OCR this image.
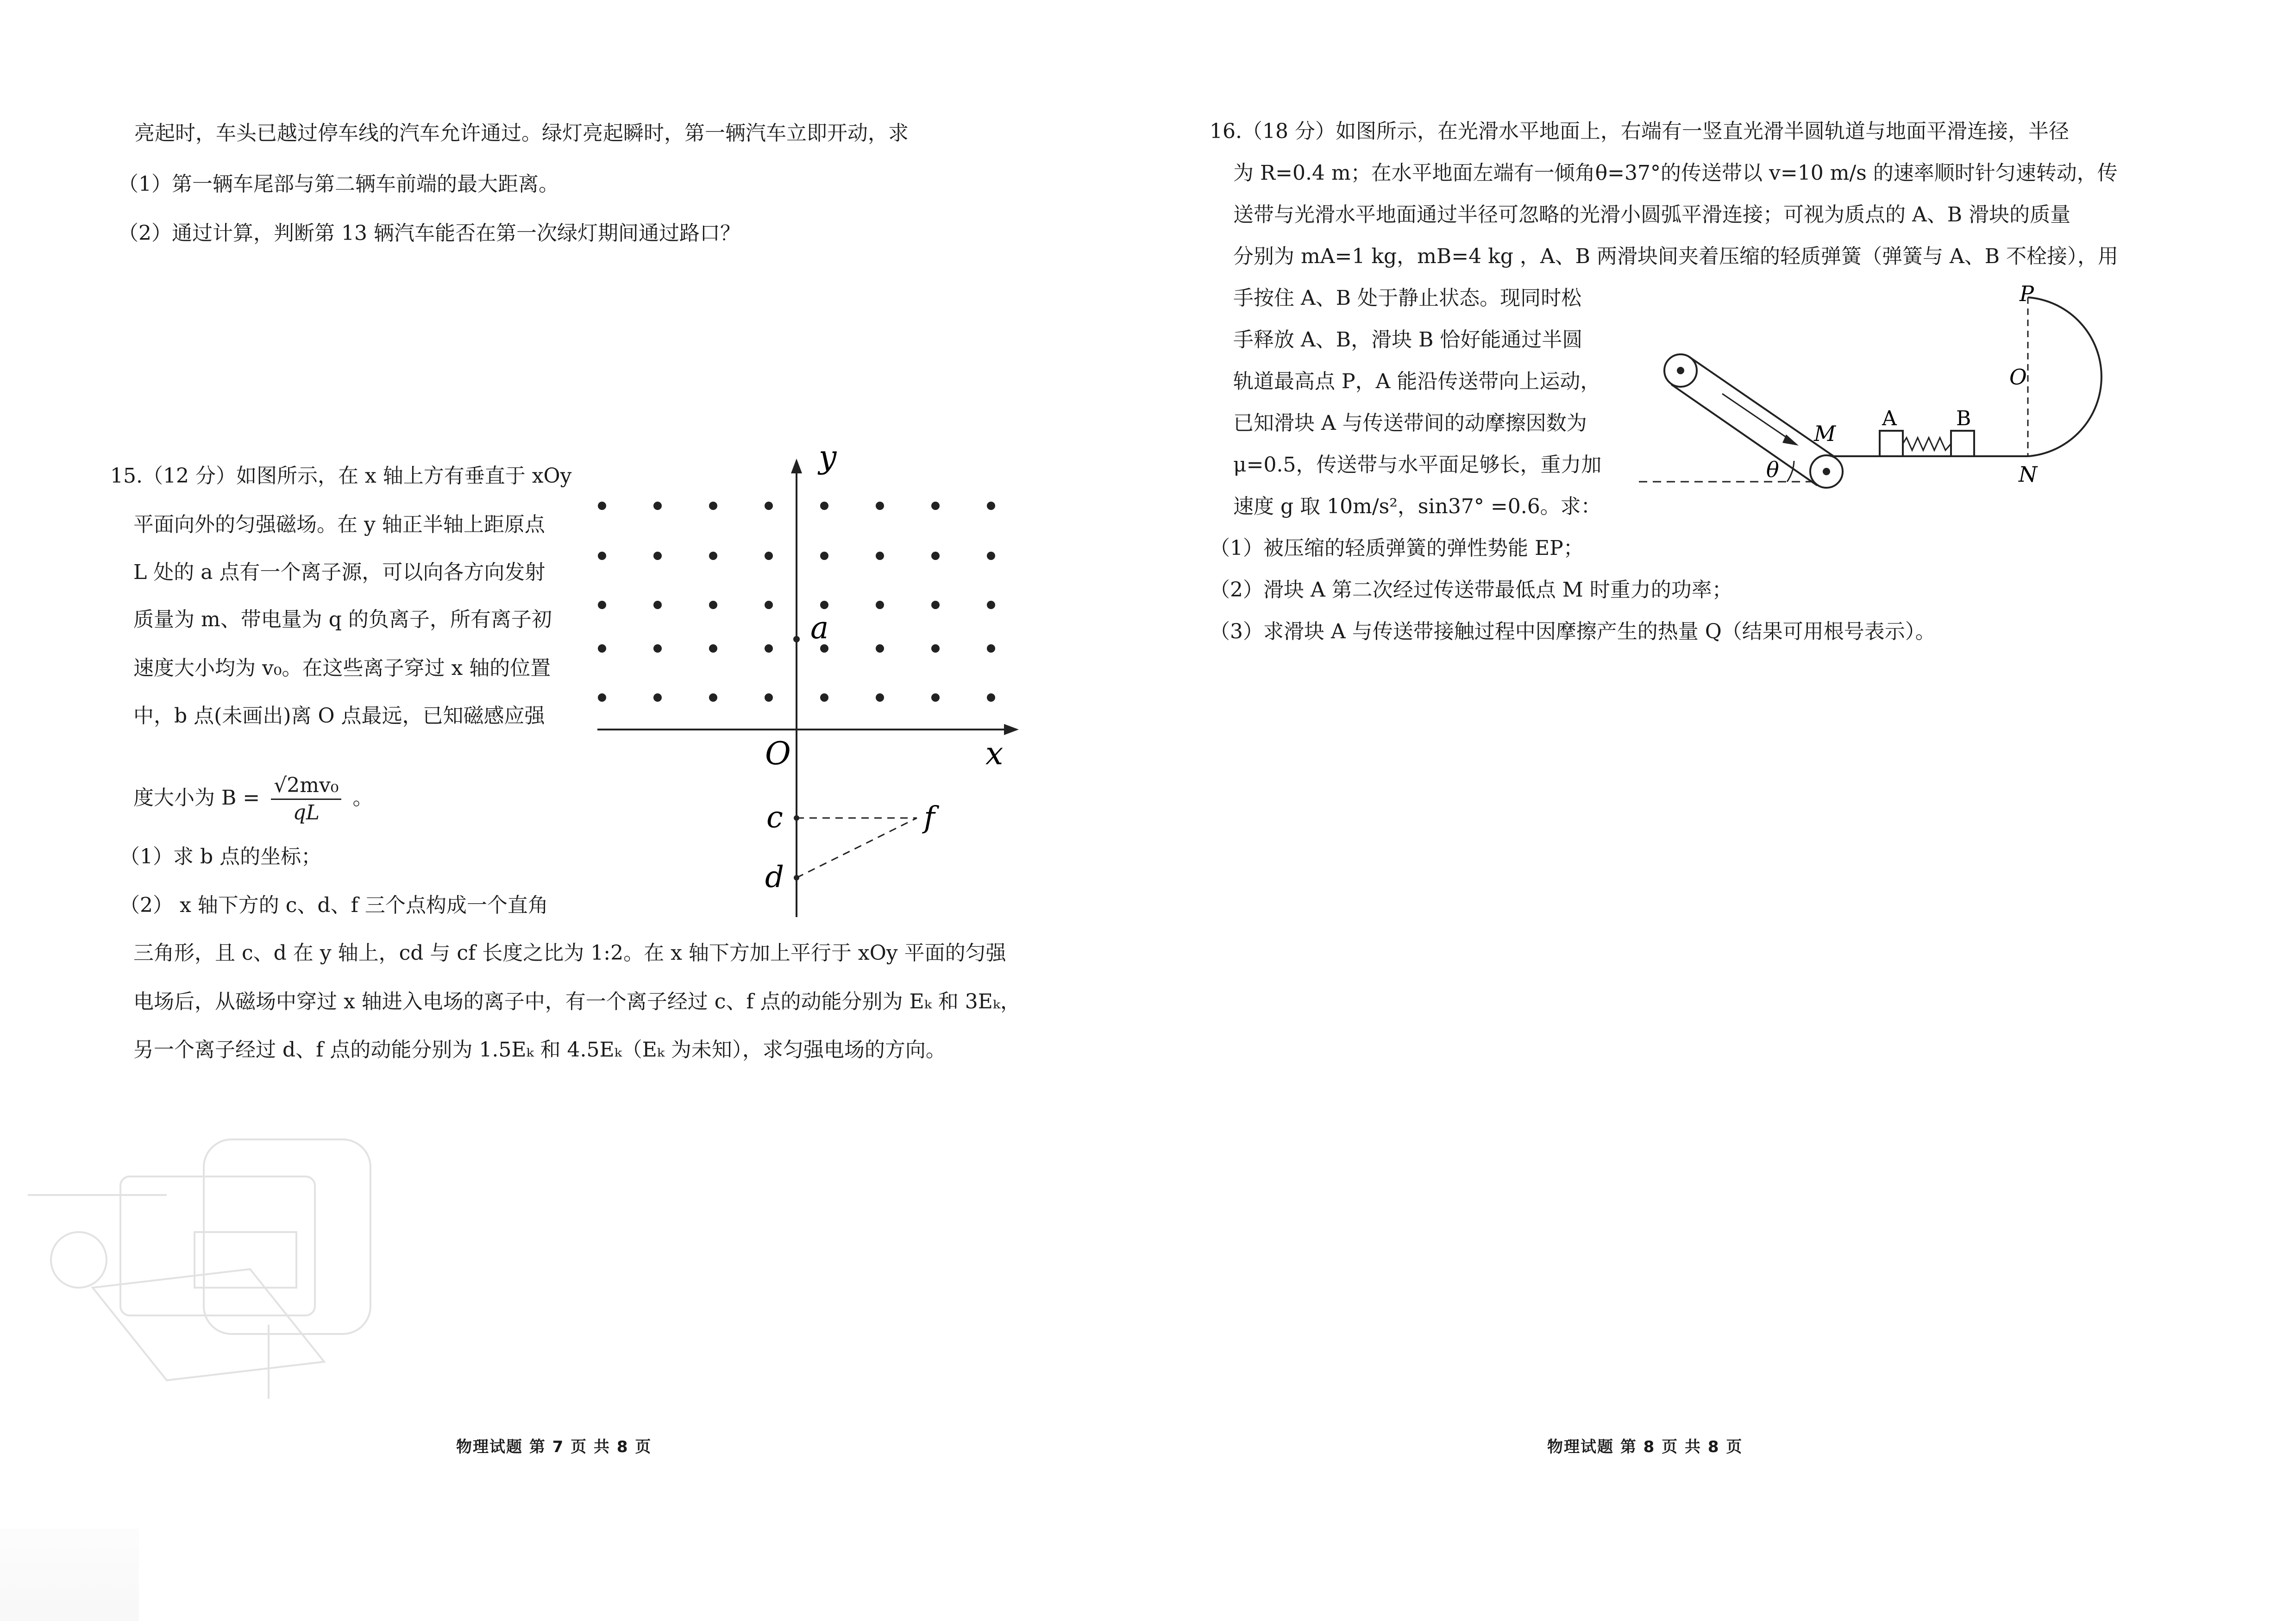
亮起时，车头已越过停车线的汽车允许通过。绿灯亮起瞬时，第一辆汽车立即开动，求
（1）第一辆车尾部与第二辆车前端的最大距离。
（2）通过计算，判断第 13 辆汽车能否在第一次绿灯期间通过路口？
15.（12 分）如图所示，在 x 轴上方有垂直于 xOy
平面向外的匀强磁场。在 y 轴正半轴上距原点
L 处的 a 点有一个离子源，可以向各方向发射
质量为 m、带电量为 q 的负离子，所有离子初
速度大小均为 v₀。在这些离子穿过 x 轴的位置
中，b 点(未画出)离 O 点最远，已知磁感应强
度大小为 $B = \frac{\text{√2mv₀}}{qL}$ 。
（1）求 b 点的坐标；
（2） x 轴下方的 c、d、f 三个点构成一个直角
三角形，且 c、d 在 y 轴上，cd 与 cf 长度之比为 1:2。在 x 轴下方加上平行于 xOy 平面的匀强
电场后，从磁场中穿过 x 轴进入电场的离子中，有一个离子经过 c、f 点的动能分别为 Eₖ 和 3Eₖ，
另一个离子经过 d、f 点的动能分别为 1.5Eₖ 和 4.5Eₖ（Eₖ 为未知），求匀强电场的方向。
y
x
O
a
c
d
f
物理试题 第 7 页 共 8 页
16.（18 分）如图所示，在光滑水平地面上，右端有一竖直光滑半圆轨道与地面平滑连接，半径
为 R=0.4 m；在水平地面左端有一倾角θ=37°的传送带以 v=10 m/s 的速率顺时针匀速转动，传
送带与光滑水平地面通过半径可忽略的光滑小圆弧平滑连接；可视为质点的 A、B 滑块的质量
分别为 mA=1 kg，mB=4 kg ，A、B 两滑块间夹着压缩的轻质弹簧（弹簧与 A、B 不栓接），用
手按住 A、B 处于静止状态。现同时松
手释放 A、B，滑块 B 恰好能通过半圆
轨道最高点 P，A 能沿传送带向上运动，
已知滑块 A 与传送带间的动摩擦因数为
μ=0.5，传送带与水平面足够长，重力加
速度 g 取 10m/s²，sin37° =0.6。求：
（1）被压缩的轻质弹簧的弹性势能 EP；
（2）滑块 A 第二次经过传送带最低点 M 时重力的功率；
（3）求滑块 A 与传送带接触过程中因摩擦产生的热量 Q（结果可用根号表示）。
P
O
N
M
A	B
θ
物理试题 第 8 页 共 8 页
